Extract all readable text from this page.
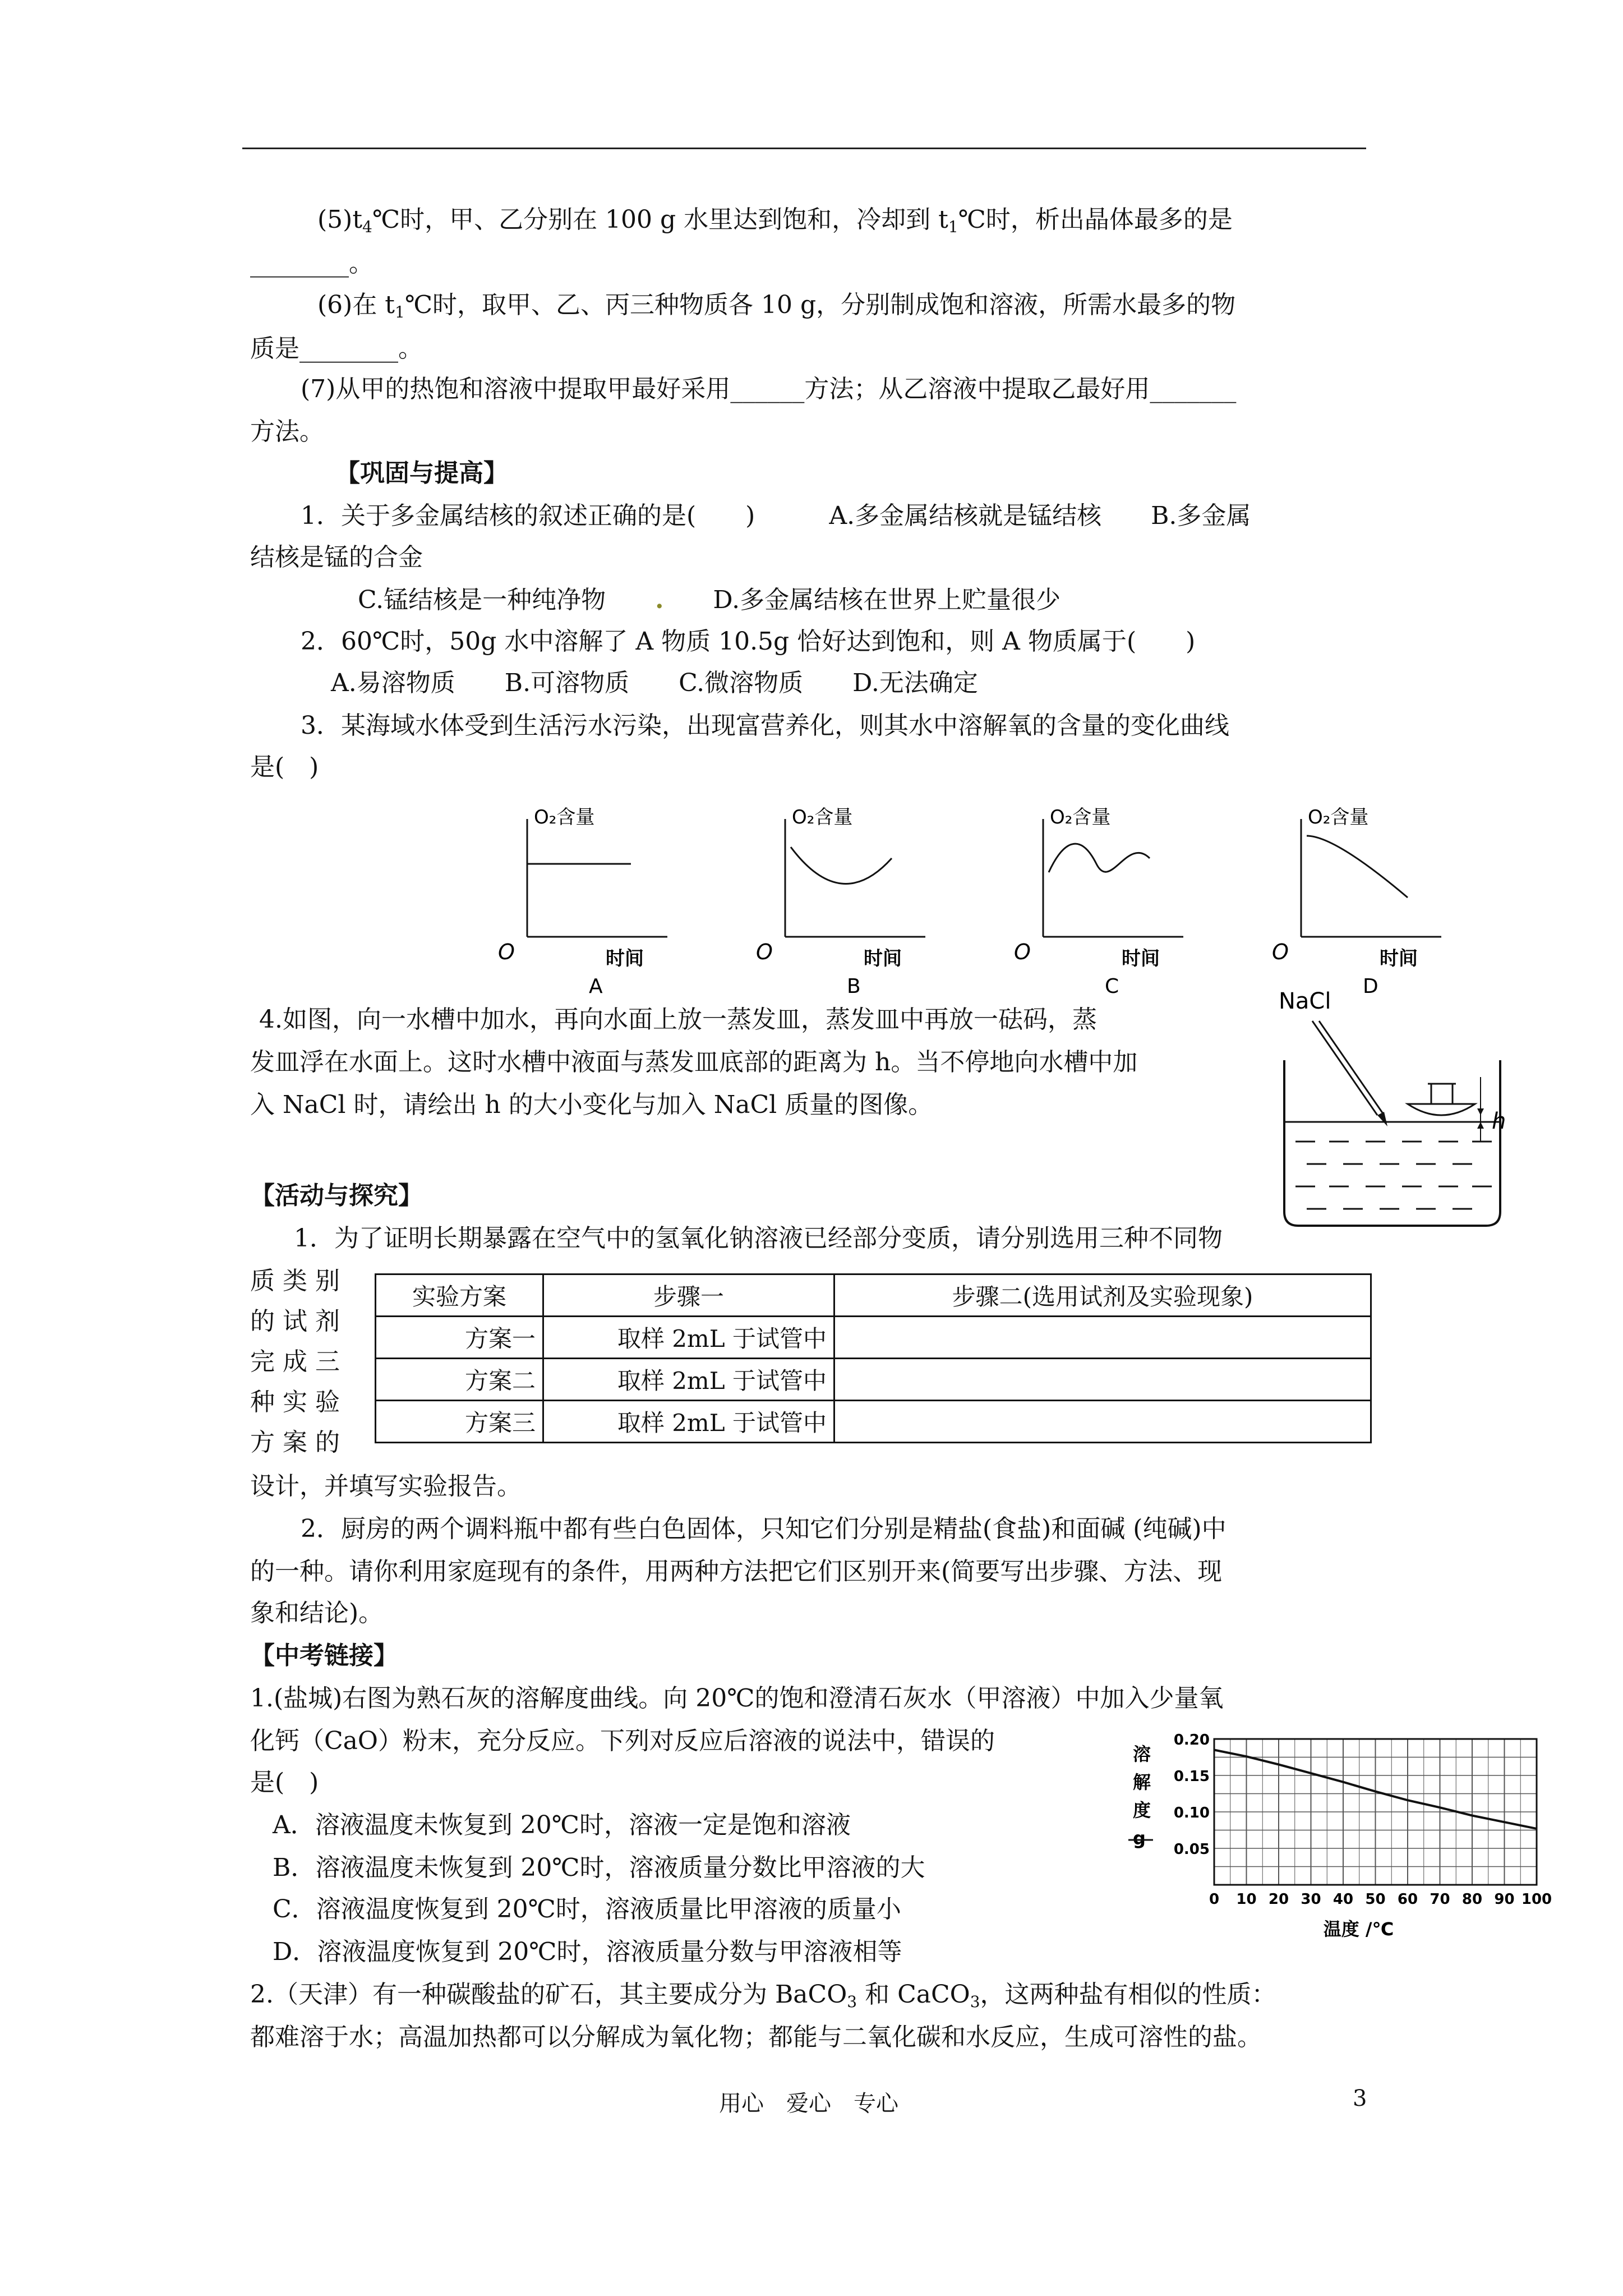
$(5)t_4℃$时，甲、乙分别在 100 g 水里达到饱和，冷却到 $t_1℃$时，析出晶体最多的是
________。
(6)在 $t_1℃$时，取甲、乙、丙三种物质各 10 g，分别制成饱和溶液，所需水最多的物
质是________。
(7)从甲的热饱和溶液中提取甲最好采用______方法；从乙溶液中提取乙最好用_______
方法。
【巩固与提高】
1．关于多金属结核的叙述正确的是(　　)　　　A.多金属结核就是锰结核　　B.多金属
结核是锰的合金
C.锰结核是一种纯净物　　 .　　 D.多金属结核在世界上贮量很少
2．60℃时，50g 水中溶解了 A 物质 10.5g 恰好达到饱和，则 A 物质属于(　　)
A.易溶物质　　B.可溶物质　　C.微溶物质　　D.无法确定
3．某海域水体受到生活污水污染，出现富营养化，则其水中溶解氧的含量的变化曲线
是(　)
O₂含量
O	时间
A
O₂含量
O	时间
B
O₂含量
O	时间
C
O₂含量
O	时间
D
4.如图，向一水槽中加水，再向水面上放一蒸发皿，蒸发皿中再放一砝码，蒸
发皿浮在水面上。这时水槽中液面与蒸发皿底部的距离为 h。当不停地向水槽中加
入 NaCl 时，请绘出 h 的大小变化与加入 NaCl 质量的图像。
NaCl
h
【活动与探究】
1．为了证明长期暴露在空气中的氢氧化钠溶液已经部分变质，请分别选用三种不同物
质 类 别
的 试 剂
完 成 三
种 实 验
方 案 的
实验方案	步骤一	步骤二(选用试剂及实验现象)
方案一	取样 2mL 于试管中	
方案二	取样 2mL 于试管中	
方案三	取样 2mL 于试管中	
设计，并填写实验报告。
2．厨房的两个调料瓶中都有些白色固体，只知它们分别是精盐(食盐)和面碱 (纯碱)中
的一种。请你利用家庭现有的条件，用两种方法把它们区别开来(简要写出步骤、方法、现
象和结论)。
【中考链接】
1.(盐城)右图为熟石灰的溶解度曲线。向 20℃的饱和澄清石灰水（甲溶液）中加入少量氧
化钙（CaO）粉末，充分反应。下列对反应后溶液的说法中，错误的
是(　)
A．溶液温度未恢复到 20℃时，溶液一定是饱和溶液
B．溶液温度未恢复到 20℃时，溶液质量分数比甲溶液的大
C．溶液温度恢复到 20℃时，溶液质量比甲溶液的质量小
D．溶液温度恢复到 20℃时，溶液质量分数与甲溶液相等
0.20
0.15
0.10
0.05
0 10 20 30 40 50 60 70 80 90 100
溶
解
度
g
温度 /℃
2.（天津）有一种碳酸盐的矿石，其主要成分为 BaCO$_3$ 和 CaCO$_3$，这两种盐有相似的性质：
都难溶于水；高温加热都可以分解成为氧化物；都能与二氧化碳和水反应，生成可溶性的盐。
用心　爱心　专心	3
